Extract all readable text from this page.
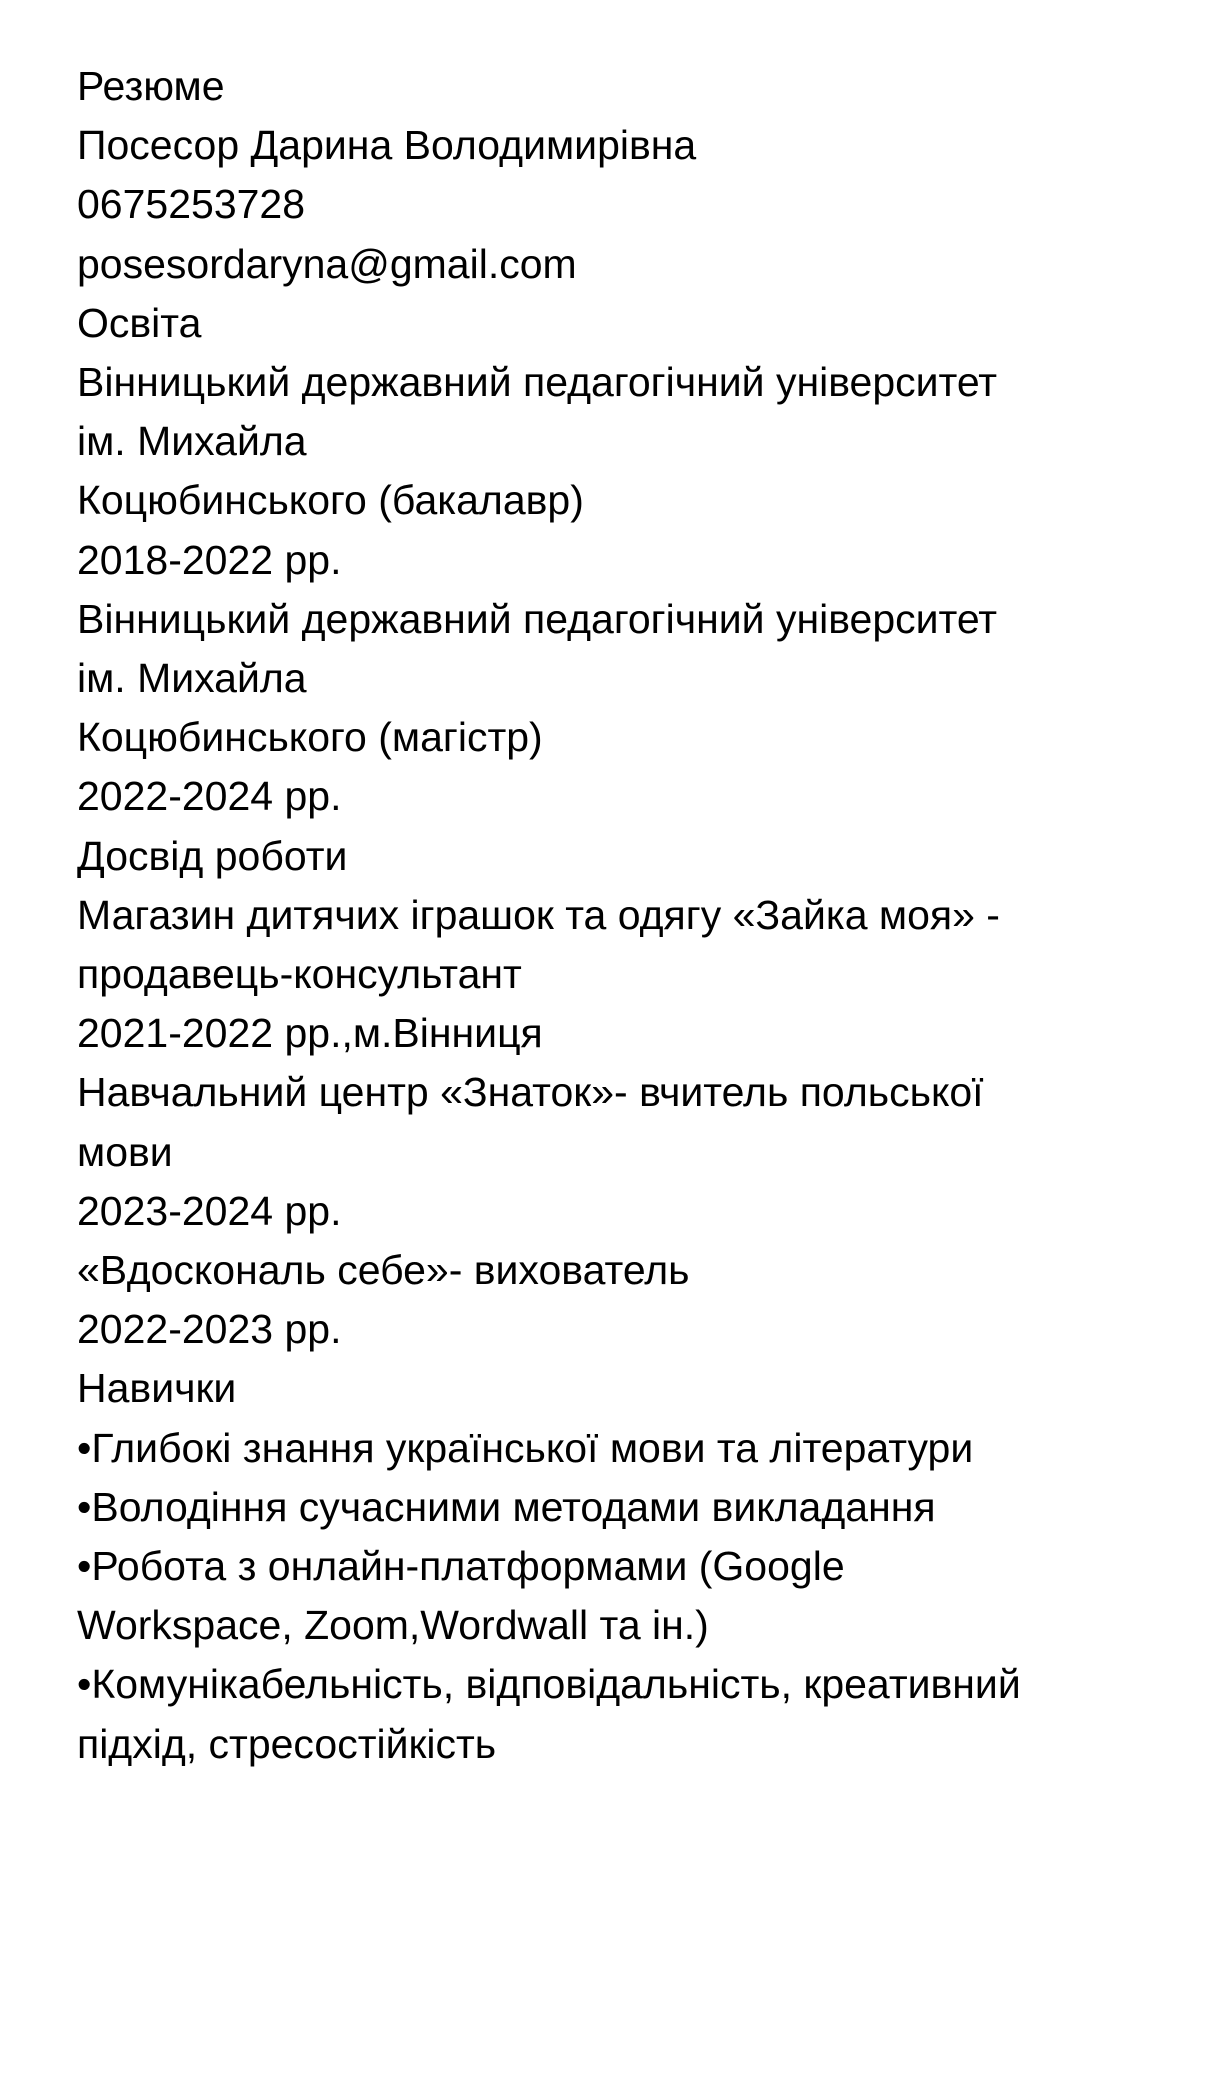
Резюме
Посесор Дарина Володимирівна
0675253728
posesordaryna@gmail.com
Освіта
Вінницький державний педагогічний університет
ім. Михайла
Коцюбинського (бакалавр)
2018-2022 рр.
Вінницький державний педагогічний університет
ім. Михайла
Коцюбинського (магістр)
2022-2024 рр.
Досвід роботи
Магазин дитячих іграшок та одягу «Зайка моя» -
продавець-консультант
2021-2022 рр.,м.Вінниця
Навчальний центр «Знаток»- вчитель польської
мови
2023-2024 рр.
«Вдоскональ себе»- вихователь
2022-2023 рр.
Навички
•Глибокі знання української мови та літератури
•Володіння сучасними методами викладання
•Робота з онлайн-платформами (Google
Workspace, Zoom,Wordwall та ін.)
•Комунікабельність, відповідальність, креативний
підхід, стресостійкість
